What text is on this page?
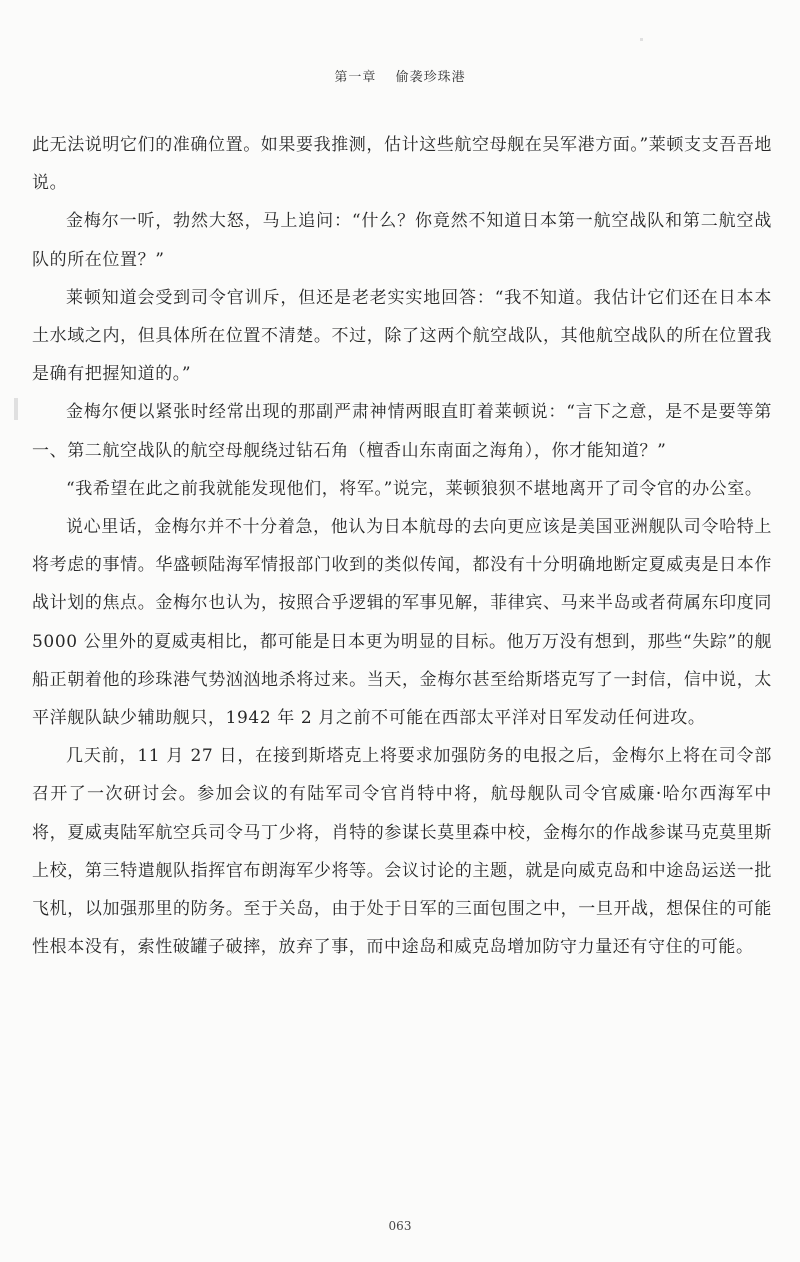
第一章 偷袭珍珠港

此无法说明它们的准确位置。如果要我推测，估计这些航空母舰在吴军港方面。”莱顿支支吾吾地说。

金梅尔一听，勃然大怒，马上追问：“什么？你竟然不知道日本第一航空战队和第二航空战队的所在位置？”

莱顿知道会受到司令官训斥，但还是老老实实地回答：“我不知道。我估计它们还在日本本土水域之内，但具体所在位置不清楚。不过，除了这两个航空战队，其他航空战队的所在位置我是确有把握知道的。”

金梅尔便以紧张时经常出现的那副严肃神情两眼直盯着莱顿说：“言下之意，是不是要等第一、第二航空战队的航空母舰绕过钻石角（檀香山东南面之海角），你才能知道？”

“我希望在此之前我就能发现他们，将军。”说完，莱顿狼狈不堪地离开了司令官的办公室。

说心里话，金梅尔并不十分着急，他认为日本航母的去向更应该是美国亚洲舰队司令哈特上将考虑的事情。华盛顿陆海军情报部门收到的类似传闻，都没有十分明确地断定夏威夷是日本作战计划的焦点。金梅尔也认为，按照合乎逻辑的军事见解，菲律宾、马来半岛或者荷属东印度同 5000 公里外的夏威夷相比，都可能是日本更为明显的目标。他万万没有想到，那些“失踪”的舰船正朝着他的珍珠港气势汹汹地杀将过来。当天，金梅尔甚至给斯塔克写了一封信，信中说，太平洋舰队缺少辅助舰只，1942 年 2 月之前不可能在西部太平洋对日军发动任何进攻。

几天前，11 月 27 日，在接到斯塔克上将要求加强防务的电报之后，金梅尔上将在司令部召开了一次研讨会。参加会议的有陆军司令官肖特中将，航母舰队司令官威廉·哈尔西海军中将，夏威夷陆军航空兵司令马丁少将，肖特的参谋长莫里森中校，金梅尔的作战参谋马克莫里斯上校，第三特遣舰队指挥官布朗海军少将等。会议讨论的主题，就是向威克岛和中途岛运送一批飞机，以加强那里的防务。至于关岛，由于处于日军的三面包围之中，一旦开战，想保住的可能性根本没有，索性破罐子破摔，放弃了事，而中途岛和威克岛增加防守力量还有守住的可能。

063
